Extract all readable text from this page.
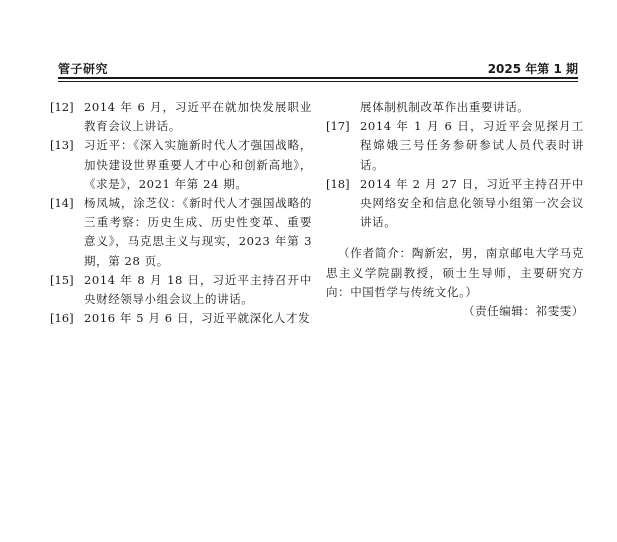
管子研究	2025 年第 1 期
[12] 2014 年 6 月，习近平在就加快发展职业教育会议上讲话。
[13] 习近平：《深入实施新时代人才强国战略，加快建设世界重要人才中心和创新高地》，《求是》，2021 年第 24 期。
[14] 杨凤城，涂芝仪：《新时代人才强国战略的三重考察：历史生成、历史性变革、重要意义》，马克思主义与现实，2023 年第 3 期，第 28 页。
[15] 2014 年 8 月 18 日，习近平主持召开中央财经领导小组会议上的讲话。
[16] 2016 年 5 月 6 日，习近平就深化人才发
展体制机制改革作出重要讲话。
[17] 2014 年 1 月 6 日，习近平会见探月工程嫦娥三号任务参研参试人员代表时讲话。
[18] 2014 年 2 月 27 日，习近平主持召开中央网络安全和信息化领导小组第一次会议讲话。
（作者简介：陶新宏，男，南京邮电大学马克思主义学院副教授，硕士生导师，主要研究方向：中国哲学与传统文化。）
（责任编辑：祁雯雯）
